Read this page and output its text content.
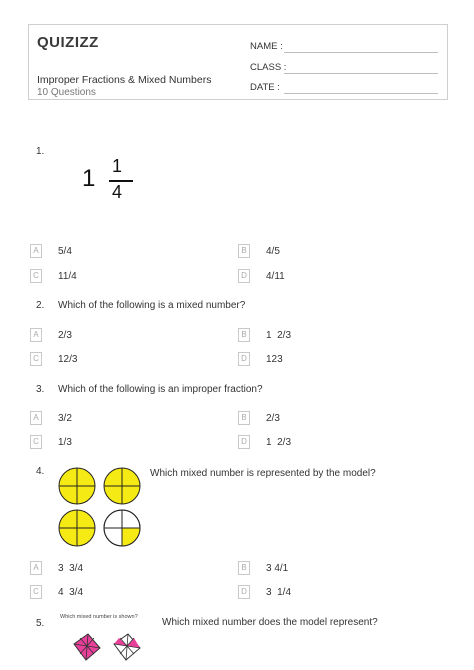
QUIZIZZ
Improper Fractions & Mixed Numbers
10 Questions
NAME :
CLASS :
DATE :
1.
1 1
4
A	5/4	B	4/5
C	11/4	D	4/11
2. Which of the following is a mixed number?
A	2/3	B	1  2/3
C	12/3	D	123
3. Which of the following is an improper fraction?
A	3/2	B	2/3
C	1/3	D	1  2/3
4.	Which mixed number is represented by the model?
A	3  3/4	B	3 4/1
C	4  3/4	D	3  1/4
5.
Which mixed number is shown? Which mixed number does the model represent?
